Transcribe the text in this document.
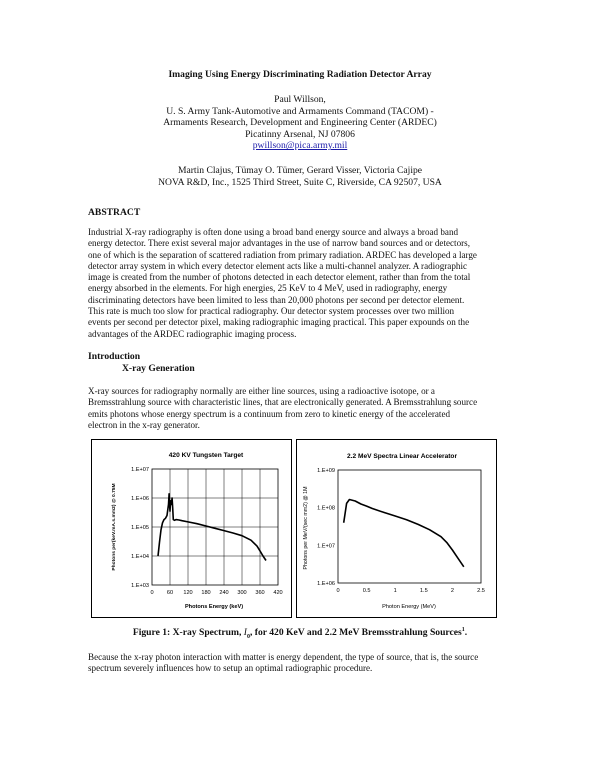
Imaging Using Energy Discriminating Radiation Detector Array
Paul Willson,
U. S. Army Tank-Automotive and Armaments Command (TACOM) -
Armaments Research, Development and Engineering Center (ARDEC)
Picatinny Arsenal, NJ 07806
pwillson@pica.army.mil
Martin Clajus, Tümay O. Tümer, Gerard Visser, Victoria Cajipe
NOVA R&D, Inc., 1525 Third Street, Suite C, Riverside, CA 92507, USA
ABSTRACT
Industrial X-ray radiography is often done using a broad band energy source and always a broad band
energy detector. There exist several major advantages in the use of narrow band sources and or detectors,
one of which is the separation of scattered radiation from primary radiation. ARDEC has developed a large
detector array system in which every detector element acts like a multi-channel analyzer. A radiographic
image is created from the number of photons detected in each detector element, rather than from the total
energy absorbed in the elements. For high energies, 25 KeV to 4 MeV, used in radiography, energy
discriminating detectors have been limited to less than 20,000 photons per second per detector element.
This rate is much too slow for practical radiography. Our detector system processes over two million
events per second per detector pixel, making radiographic imaging practical. This paper expounds on the
advantages of the ARDEC radiographic imaging process.
Introduction
X-ray Generation
X-ray sources for radiography normally are either line sources, using a radioactive isotope, or a
Bremsstrahlung source with characteristic lines, that are electronically generated. A Bremsstrahlung source
emits photons whose energy spectrum is a continuum from zero to kinetic energy of the accelerated
electron in the x-ray generator.
420 KV Tungsten Target
1.E+03
1.E+04
1.E+05
1.E+06
1.E+07
0 60 120 180 240 300 360 420
Photons Energy (keV)
Photons per(keV.mA.s.mm2) @ 0.75M
2.2 MeV Spectra Linear Accelerator
1.E+06
1.E+07
1.E+08
1.E+09
0	0.5	1	1.5	2	2.5
Photon Energy (MeV)
Photons per MeV/(sec mm2) @ 1M
Figure 1: X-ray Spectrum, $I_0$, for 420 KeV and 2.2 MeV Bremsstrahlung Sources$^1$.
Because the x-ray photon interaction with matter is energy dependent, the type of source, that is, the source
spectrum severely influences how to setup an optimal radiographic procedure.
